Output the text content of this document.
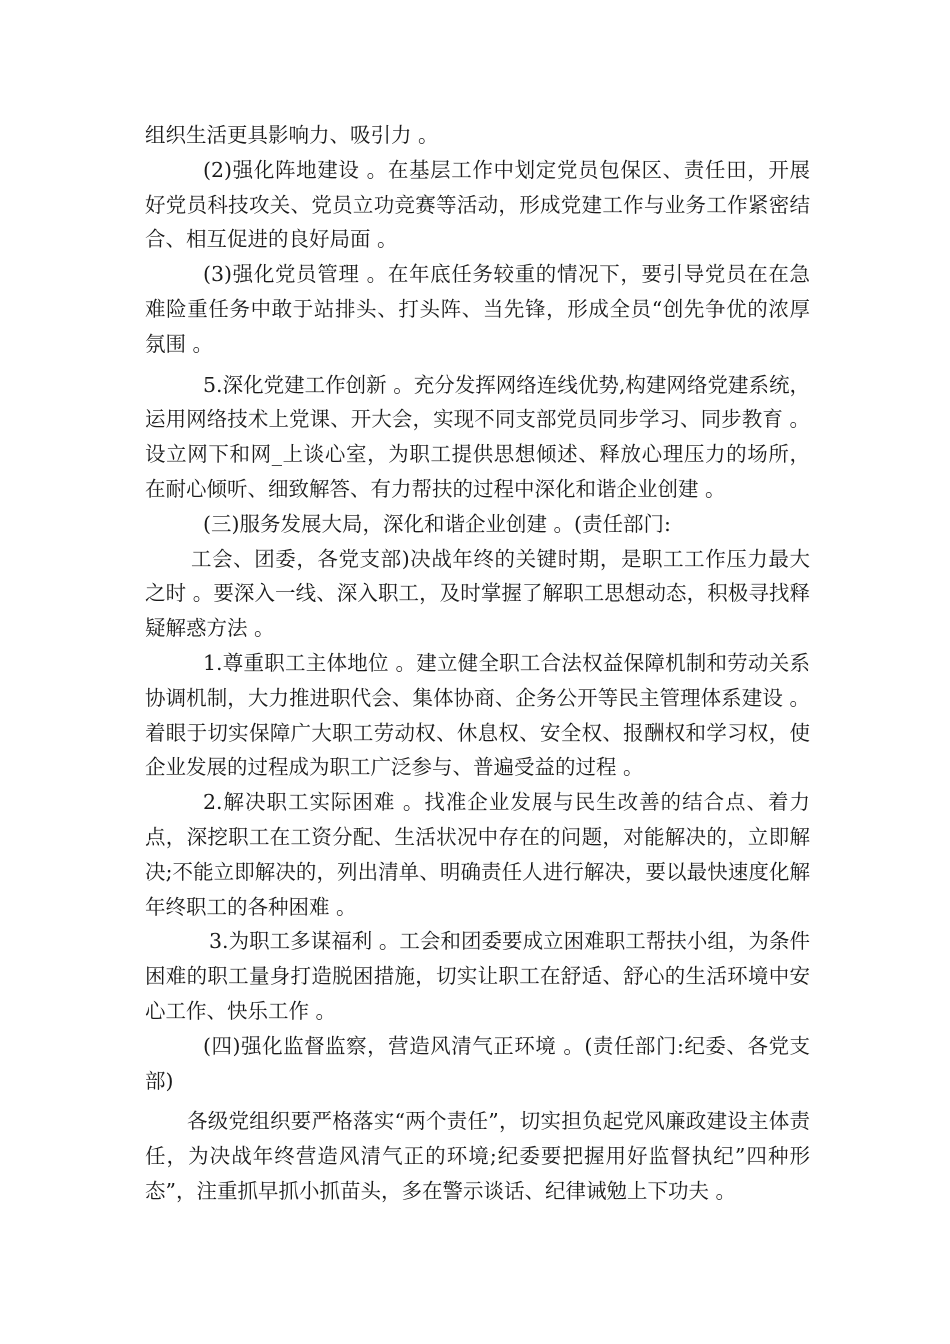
组织生活更具影响力、吸引力 。

(2)强化阵地建设 。在基层工作中划定党员包保区、责任田，开展好党员科技攻关、党员立功竞赛等活动，形成党建工作与业务工作紧密结合、相互促进的良好局面 。

(3)强化党员管理 。在年底任务较重的情况下，要引导党员在在急难险重任务中敢于站排头、打头阵、当先锋，形成全员“创先争优的浓厚氛围 。

5.深化党建工作创新 。充分发挥网络连线优势,构建网络党建系统，运用网络技术上党课、开大会，实现不同支部党员同步学习、同步教育 。设立网下和网_上谈心室，为职工提供思想倾述、释放心理压力的场所，在耐心倾听、细致解答、有力帮扶的过程中深化和谐企业创建 。

(三)服务发展大局，深化和谐企业创建 。(责任部门:

工会、团委，各党支部)决战年终的关键时期，是职工工作压力最大之时 。要深入一线、深入职工，及时掌握了解职工思想动态，积极寻找释疑解惑方法 。

1.尊重职工主体地位 。建立健全职工合法权益保障机制和劳动关系协调机制，大力推进职代会、集体协商、企务公开等民主管理体系建设 。着眼于切实保障广大职工劳动权、休息权、安全权、报酬权和学习权，使企业发展的过程成为职工广泛参与、普遍受益的过程 。

2.解决职工实际困难 。找准企业发展与民生改善的结合点、着力点，深挖职工在工资分配、生活状况中存在的问题，对能解决的，立即解决;不能立即解决的，列出清单、明确责任人进行解决，要以最快速度化解年终职工的各种困难 。

3.为职工多谋福利 。工会和团委要成立困难职工帮扶小组，为条件困难的职工量身打造脱困措施，切实让职工在舒适、舒心的生活环境中安心工作、快乐工作 。

(四)强化监督监察，营造风清气正环境 。(责任部门:纪委、各党支部)

各级党组织要严格落实“两个责任”，切实担负起党风廉政建设主体责任，为决战年终营造风清气正的环境;纪委要把握用好监督执纪”四种形态”，注重抓早抓小抓苗头，多在警示谈话、纪律诫勉上下功夫 。
